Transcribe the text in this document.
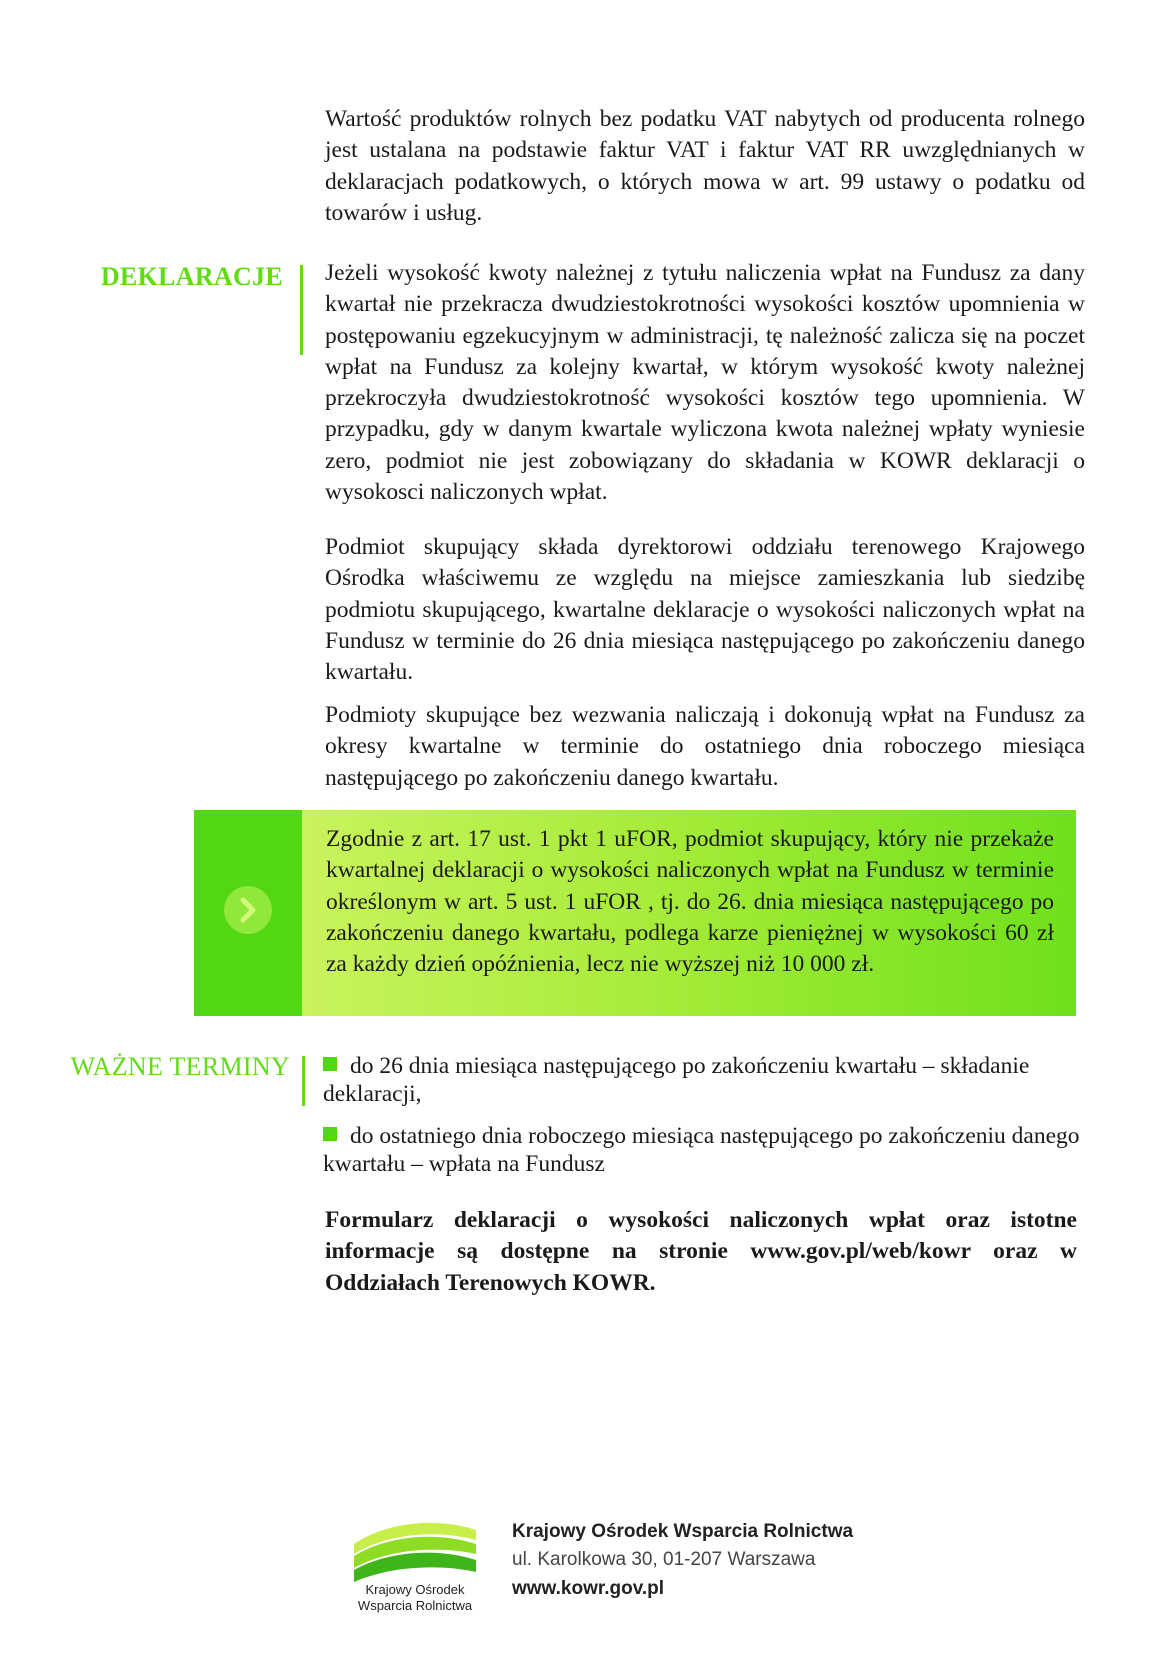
Wartość produktów rolnych bez podatku VAT nabytych od producenta rolnego jest ustalana na podstawie faktur VAT i faktur VAT RR uwzględnianych w deklaracjach podatkowych, o których mowa w art. 99 ustawy o podatku od towarów i usług.

DEKLARACJE Jeżeli wysokość kwoty należnej z tytułu naliczenia wpłat na Fundusz za dany kwartał nie przekracza dwudziestokrotności wysokości kosztów upomnienia w postępowaniu egzekucyjnym w administracji, tę należność zalicza się na poczet wpłat na Fundusz za kolejny kwartał, w którym wysokość kwoty należnej przekroczyła dwudziestokrotność wysokości kosztów tego upomnienia. W przypadku, gdy w danym kwartale wyliczona kwota należnej wpłaty wyniesie zero, podmiot nie jest zobowiązany do składania w KOWR deklaracji o wysokosci naliczonych wpłat.

Podmiot skupujący składa dyrektorowi oddziału terenowego Krajowego Ośrodka właściwemu ze względu na miejsce zamieszkania lub siedzibę podmiotu skupującego, kwartalne deklaracje o wysokości naliczonych wpłat na Fundusz w terminie do 26 dnia miesiąca następującego po zakończeniu danego kwartału.

Podmioty skupujące bez wezwania naliczają i dokonują wpłat na Fundusz za okresy kwartalne w terminie do ostatniego dnia roboczego miesiąca następującego po zakończeniu danego kwartału.

Zgodnie z art. 17 ust. 1 pkt 1 uFOR, podmiot skupujący, który nie przekaże kwartalnej deklaracji o wysokości naliczonych wpłat na Fundusz w terminie określonym w art. 5 ust. 1 uFOR , tj. do 26. dnia miesiąca następującego po zakończeniu danego kwartału, podlega karze pieniężnej w wysokości 60 zł za każdy dzień opóźnienia, lecz nie wyższej niż 10 000 zł.

WAŻNE TERMINY	do 26 dnia miesiąca następującego po zakończeniu kwartału – składanie deklaracji,
do ostatniego dnia roboczego miesiąca następującego po zakończeniu danego kwartału – wpłata na Fundusz

Formularz deklaracji o wysokości naliczonych wpłat oraz istotne informacje są dostępne na stronie www.gov.pl/web/kowr oraz w Oddziałach Terenowych KOWR.

Krajowy Ośrodek
Wsparcia Rolnictwa
Krajowy Ośrodek Wsparcia Rolnictwa
ul. Karolkowa 30, 01-207 Warszawa
www.kowr.gov.pl
